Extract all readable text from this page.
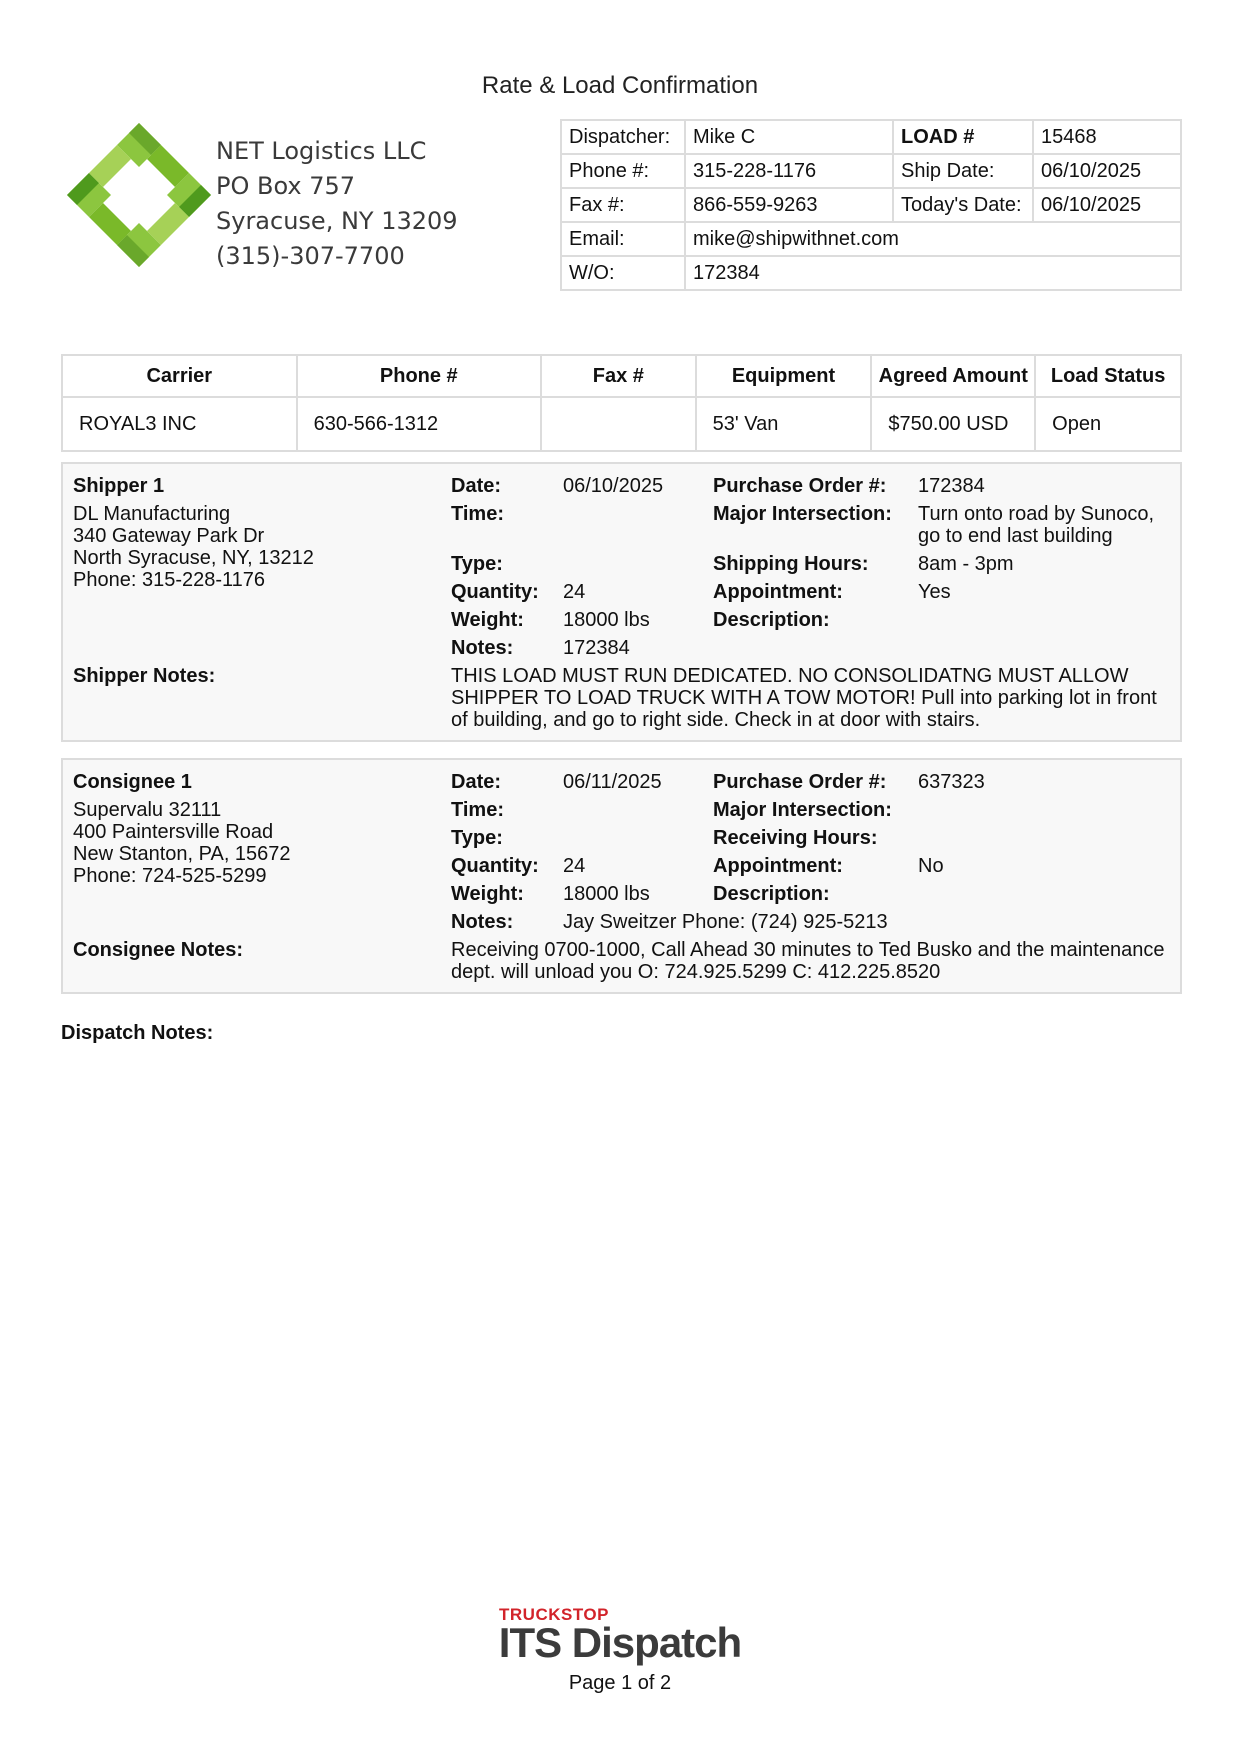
Rate & Load Confirmation
NET Logistics LLC
PO Box 757
Syracuse, NY 13209
(315)-307-7700
Dispatcher:	Mike C	LOAD #	15468
Phone #:	315-228-1176	Ship Date:	06/10/2025
Fax #:	866-559-9263	Today's Date:	06/10/2025
Email:	mike@shipwithnet.com		
W/O:	172384		
Carrier	Phone #	Fax #	Equipment	Agreed Amount	Load Status
ROYAL3 INC	630-566-1312		53' Van	$750.00 USD	Open
Shipper 1
DL Manufacturing
340 Gateway Park Dr
North Syracuse, NY, 13212
Phone: 315-228-1176
Date:	06/10/2025
Time:
Type:
Quantity: 24
Weight: 18000 lbs
Notes: 172384
Purchase Order #: 172384
Major Intersection: Turn onto road by Sunoco, go to end last building
Shipping Hours: 8am - 3pm
Appointment:	Yes
Description:
Shipper Notes:	THIS LOAD MUST RUN DEDICATED. NO CONSOLIDATNG MUST ALLOW SHIPPER TO LOAD TRUCK WITH A TOW MOTOR! Pull into parking lot in front of building, and go to right side. Check in at door with stairs.
Consignee 1
Supervalu 32111
400 Paintersville Road
New Stanton, PA, 15672
Phone: 724-525-5299
Date:	06/11/2025
Time:
Type:
Quantity: 24
Weight: 18000 lbs
Notes: Jay Sweitzer Phone: (724) 925-5213
Purchase Order #: 637323
Major Intersection:
Receiving Hours:
Appointment:	No
Description:
Consignee Notes:	Receiving 0700-1000, Call Ahead 30 minutes to Ted Busko and the maintenance dept. will unload you O: 724.925.5299 C: 412.225.8520
Dispatch Notes:
TRUCKSTOP
ITS Dispatch
Page 1 of 2
